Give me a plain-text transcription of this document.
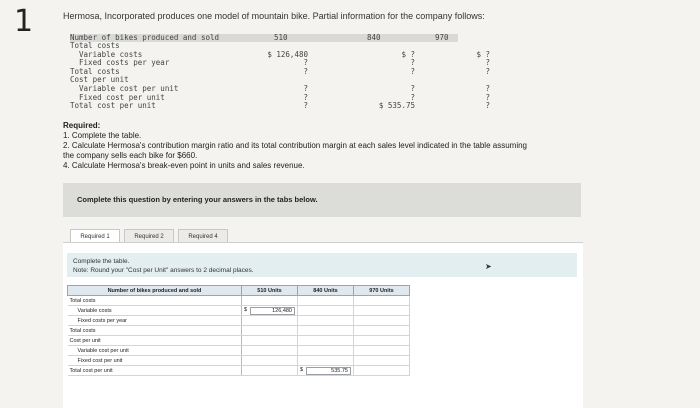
1	Hermosa, Incorporated produces one model of mountain bike. Partial information for the company follows:
Number of bikes produced and sold	510	840	970
Total costs
Variable costs	$ 126,480	$ ?	$ ?
Fixed costs per year	?	?	?
Total costs	?	?	?
Cost per unit
Variable cost per unit	?	?	?
Fixed cost per unit	?	?	?
Total cost per unit	?	$ 535.75	?
Required:
1. Complete the table.
2. Calculate Hermosa's contribution margin ratio and its total contribution margin at each sales level indicated in the table assuming
the company sells each bike for $660.
4. Calculate Hermosa's break-even point in units and sales revenue.
Complete this question by entering your answers in the tabs below.
Required 1	Required 2	Required 4
Complete the table.
Note: Round your "Cost per Unit" answers to 2 decimal places.
Number of bikes produced and sold	510 Units	840 Units	970 Units
Total costs			
Variable costs	$ 126,480		

Fixed costs per year			
Total costs			
Cost per unit			
Variable cost per unit			
Fixed cost per unit			
Total cost per unit		$ 535.75	

➤
